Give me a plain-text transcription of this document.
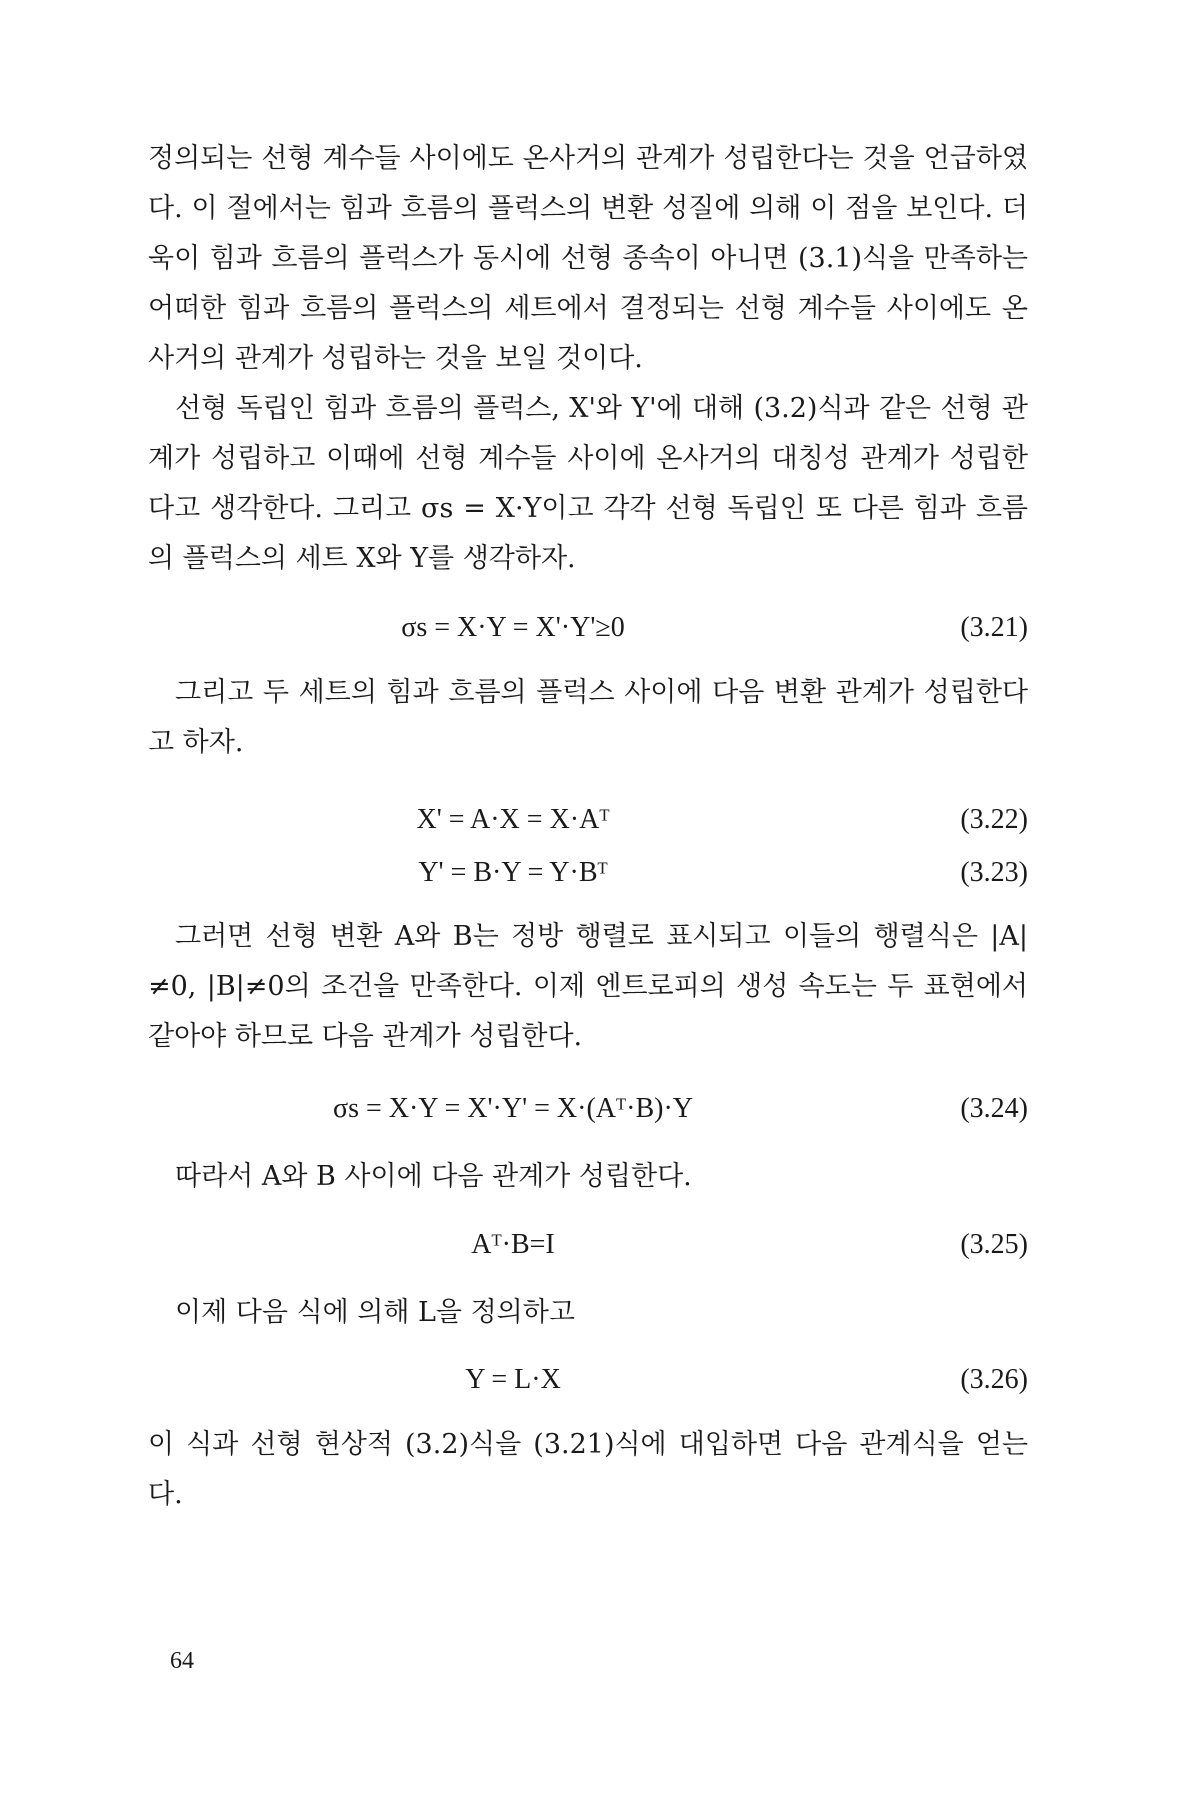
정의되는 선형 계수들 사이에도 온사거의 관계가 성립한다는 것을 언급하였다. 이 절에서는 힘과 흐름의 플럭스의 변환 성질에 의해 이 점을 보인다. 더욱이 힘과 흐름의 플럭스가 동시에 선형 종속이 아니면 (3.1)식을 만족하는 어떠한 힘과 흐름의 플럭스의 세트에서 결정되는 선형 계수들 사이에도 온사거의 관계가 성립하는 것을 보일 것이다.

선형 독립인 힘과 흐름의 플럭스, X'와 Y'에 대해 (3.2)식과 같은 선형 관계가 성립하고 이때에 선형 계수들 사이에 온사거의 대칭성 관계가 성립한다고 생각한다. 그리고 σs = X·Y이고 각각 선형 독립인 또 다른 힘과 흐름의 플럭스의 세트 X와 Y를 생각하자.

σs = X·Y = X'·Y'≥0	(3.21)

그리고 두 세트의 힘과 흐름의 플럭스 사이에 다음 변환 관계가 성립한다고 하자.

X' = A·X = X·Aᵀ	(3.22)
Y' = B·Y = Y·Bᵀ	(3.23)

그러면 선형 변환 A와 B는 정방 행렬로 표시되고 이들의 행렬식은 |A|≠0, |B|≠0의 조건을 만족한다. 이제 엔트로피의 생성 속도는 두 표현에서 같아야 하므로 다음 관계가 성립한다.

σs = X·Y = X'·Y' = X·(Aᵀ·B)·Y	(3.24)

따라서 A와 B 사이에 다음 관계가 성립한다.

Aᵀ·B=I	(3.25)

이제 다음 식에 의해 L을 정의하고

Y = L·X	(3.26)

이 식과 선형 현상적 (3.2)식을 (3.21)식에 대입하면 다음 관계식을 얻는다.

64
